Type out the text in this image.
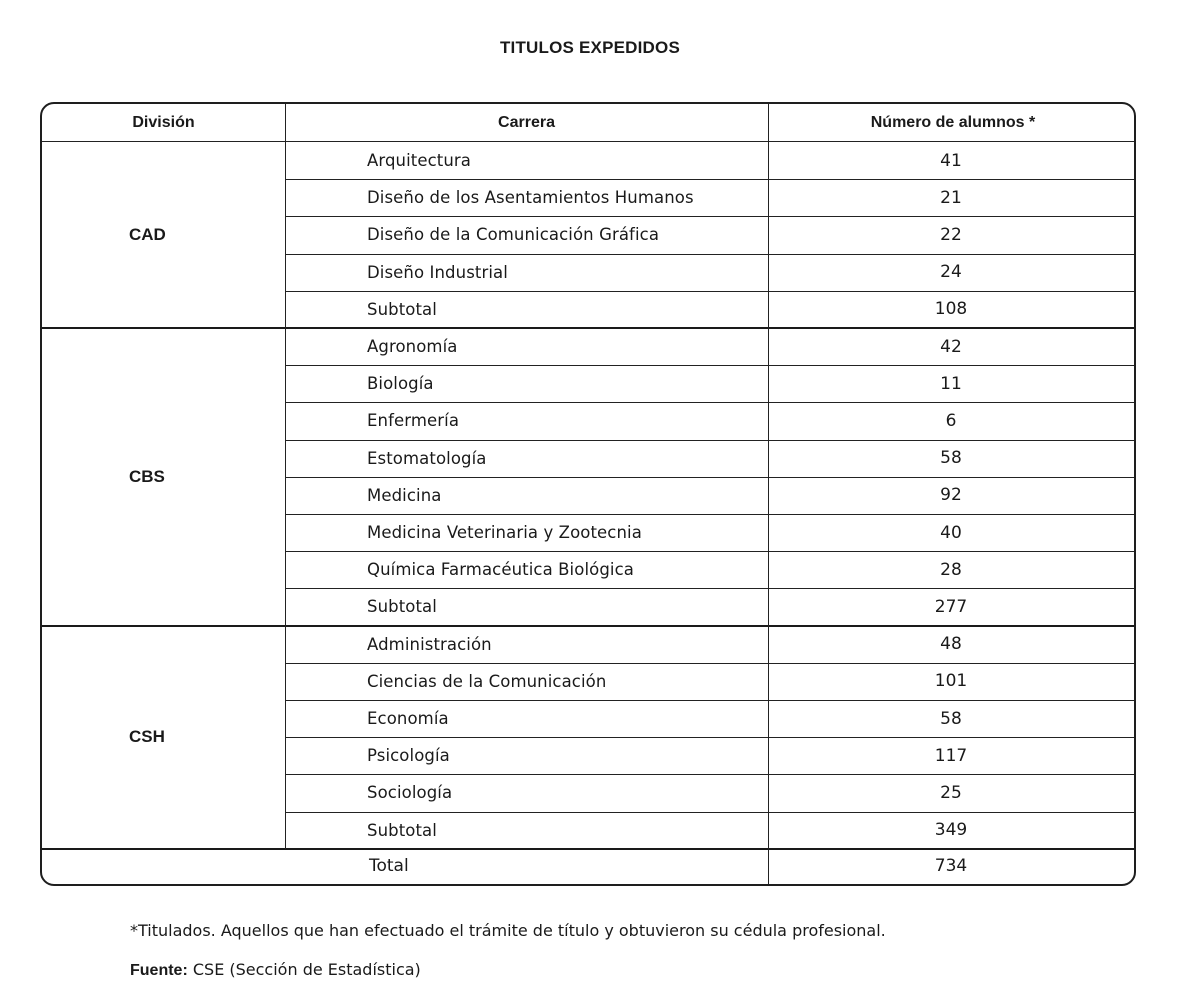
TITULOS EXPEDIDOS
División	Carrera	Número de alumnos *
CAD
Arquitectura	41
Diseño de los Asentamientos Humanos	21
Diseño de la Comunicación Gráfica	22
Diseño Industrial	24
Subtotal	108
CBS
Agronomía	42
Biología	11
Enfermería	6
Estomatología	58
Medicina	92
Medicina Veterinaria y Zootecnia	40
Química Farmacéutica Biológica	28
Subtotal	277
CSH
Administración	48
Ciencias de la Comunicación	101
Economía	58
Psicología	117
Sociología	25
Subtotal	349
Total	734
*Titulados. Aquellos que han efectuado el trámite de título y obtuvieron su cédula profesional.
Fuente: CSE (Sección de Estadística)
